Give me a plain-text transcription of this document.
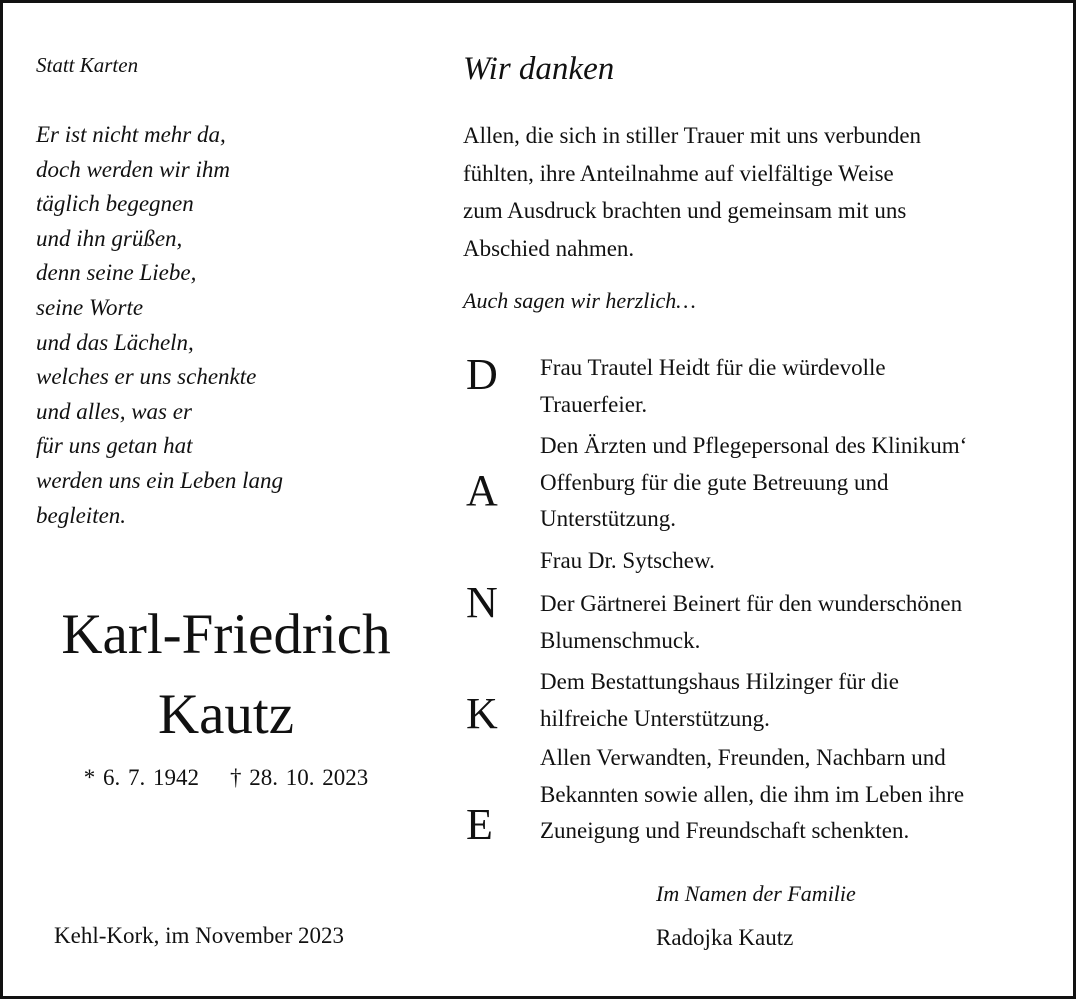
Statt Karten
Er ist nicht mehr da,
doch werden wir ihm
täglich begegnen
und ihn grüßen,
denn seine Liebe,
seine Worte
und das Lächeln,
welches er uns schenkte
und alles, was er
für uns getan hat
werden uns ein Leben lang
begleiten.
Karl-Friedrich
Kautz
* 6. 7. 1942    † 28. 10. 2023
Kehl-Kork, im November 2023
Wir danken
Allen, die sich in stiller Trauer mit uns verbunden
fühlten, ihre Anteilnahme auf vielfältige Weise
zum Ausdruck brachten und gemeinsam mit uns
Abschied nahmen.
Auch sagen wir herzlich…
D
A
N
K
E
Frau Trautel Heidt für die würdevolle
Trauerfeier.
Den Ärzten und Pflegepersonal des Klinikum‘
Offenburg für die gute Betreuung und
Unterstützung.
Frau Dr. Sytschew.
Der Gärtnerei Beinert für den wunderschönen
Blumenschmuck.
Dem Bestattungshaus Hilzinger für die
hilfreiche Unterstützung.
Allen Verwandten, Freunden, Nachbarn und
Bekannten sowie allen, die ihm im Leben ihre
Zuneigung und Freundschaft schenkten.
Im Namen der Familie
Radojka Kautz
